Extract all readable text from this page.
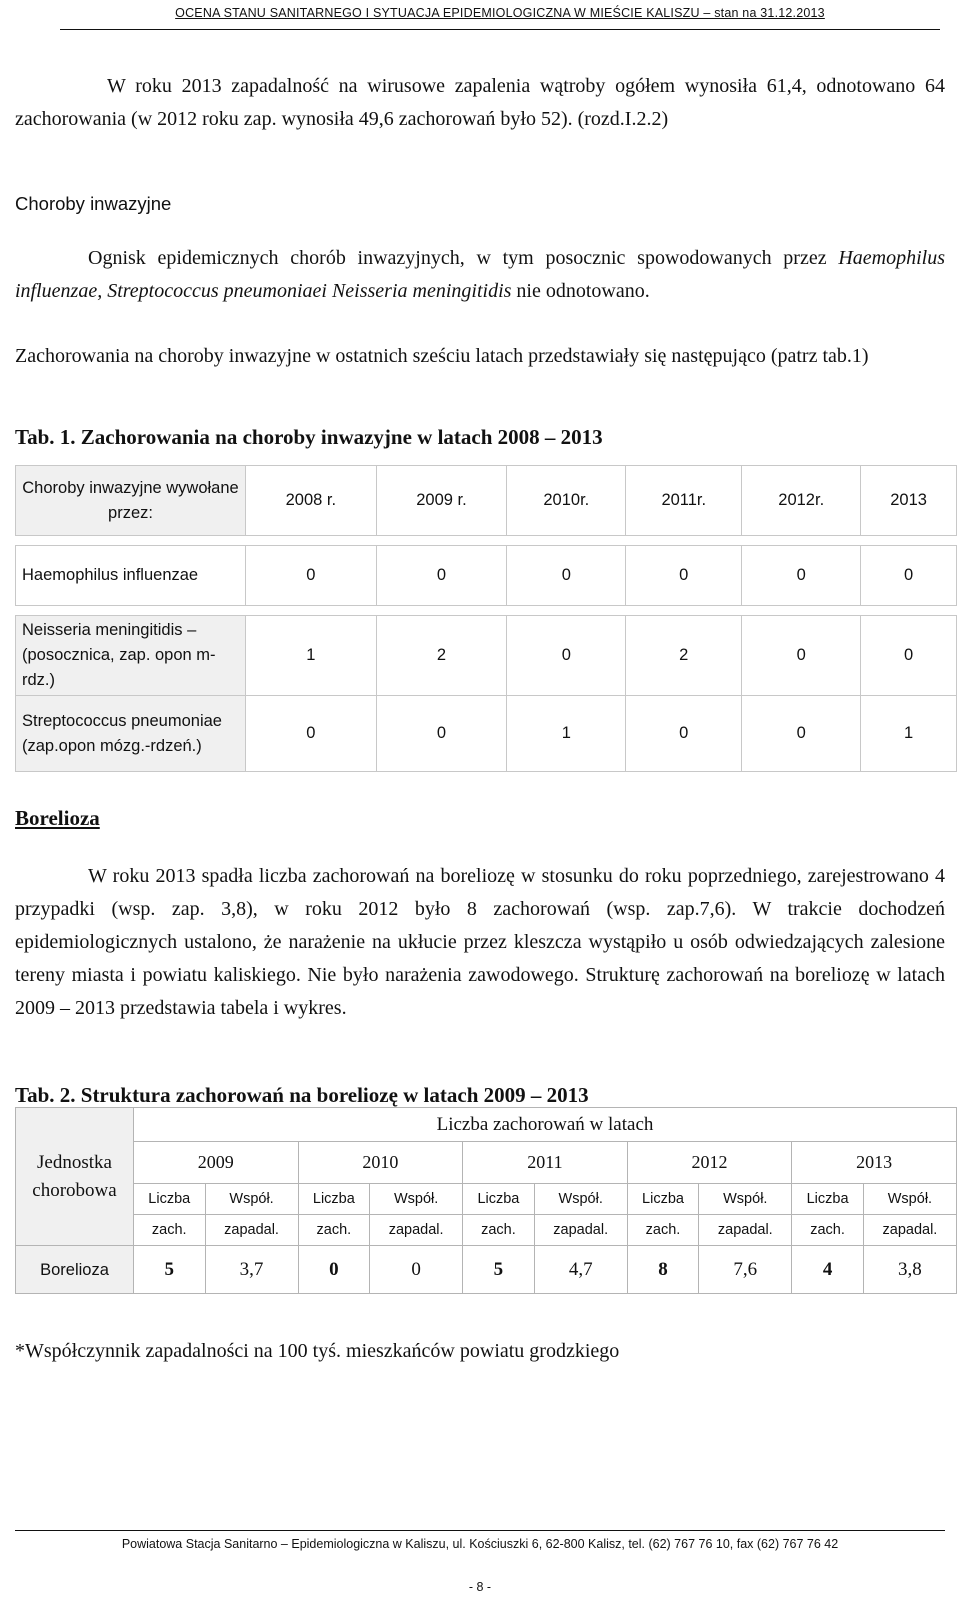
OCENA STANU SANITARNEGO I SYTUACJA EPIDEMIOLOGICZNA W MIEŚCIE KALISZU – stan na 31.12.2013

W roku 2013 zapadalność na wirusowe zapalenia wątroby ogółem wynosiła 61,4, odnotowano 64 zachorowania (w 2012 roku zap. wynosiła 49,6 zachorowań było 52). (rozd.I.2.2)

Choroby inwazyjne

Ognisk epidemicznych chorób inwazyjnych, w tym posocznic spowodowanych przez Haemophilus influenzae, Streptococcus pneumoniaei Neisseria meningitidis nie odnotowano.

Zachorowania na choroby inwazyjne w ostatnich sześciu latach przedstawiały się następująco (patrz tab.1)

Tab. 1. Zachorowania na choroby inwazyjne w latach 2008 – 2013
Choroby inwazyjne wywołane przez:	2008 r.	2009 r.	2010r.	2011r.	2012r.	2013

Haemophilus influenzae	0	0	0	0	0	0

Neisseria meningitidis – (posocznica, zap. opon m-rdz.)	1	2	0	2	0	0
Streptococcus pneumoniae (zap.opon mózg.-rdzeń.)	0	0	1	0	0	1
Borelioza

W roku 2013 spadła liczba zachorowań na boreliozę w stosunku do roku poprzedniego, zarejestrowano 4 przypadki (wsp. zap. 3,8), w roku 2012 było 8 zachorowań (wsp. zap.7,6). W trakcie dochodzeń epidemiologicznych ustalono, że narażenie na ukłucie przez kleszcza wystąpiło u osób odwiedzających zalesione tereny miasta i powiatu kaliskiego. Nie było narażenia zawodowego. Strukturę zachorowań na boreliozę w latach 2009 – 2013 przedstawia tabela i wykres.

Tab. 2. Struktura zachorowań na boreliozę w latach 2009 – 2013
Jednostka chorobowa	Liczba zachorowań w latach									
	2009		2010		2011		2012		2013	
	Liczba	Współ.	Liczba	Współ.	Liczba	Współ.	Liczba	Współ.	Liczba	Współ.
	zach.	zapadal.	zach.	zapadal.	zach.	zapadal.	zach.	zapadal.	zach.	zapadal.
Borelioza	5	3,7	0	0	5	4,7	8	7,6	4	3,8
*Współczynnik zapadalności na 100 tyś. mieszkańców powiatu grodzkiego
Powiatowa Stacja Sanitarno – Epidemiologiczna w Kaliszu, ul. Kościuszki 6, 62-800 Kalisz, tel. (62) 767 76 10, fax (62) 767 76 42
- 8 -
